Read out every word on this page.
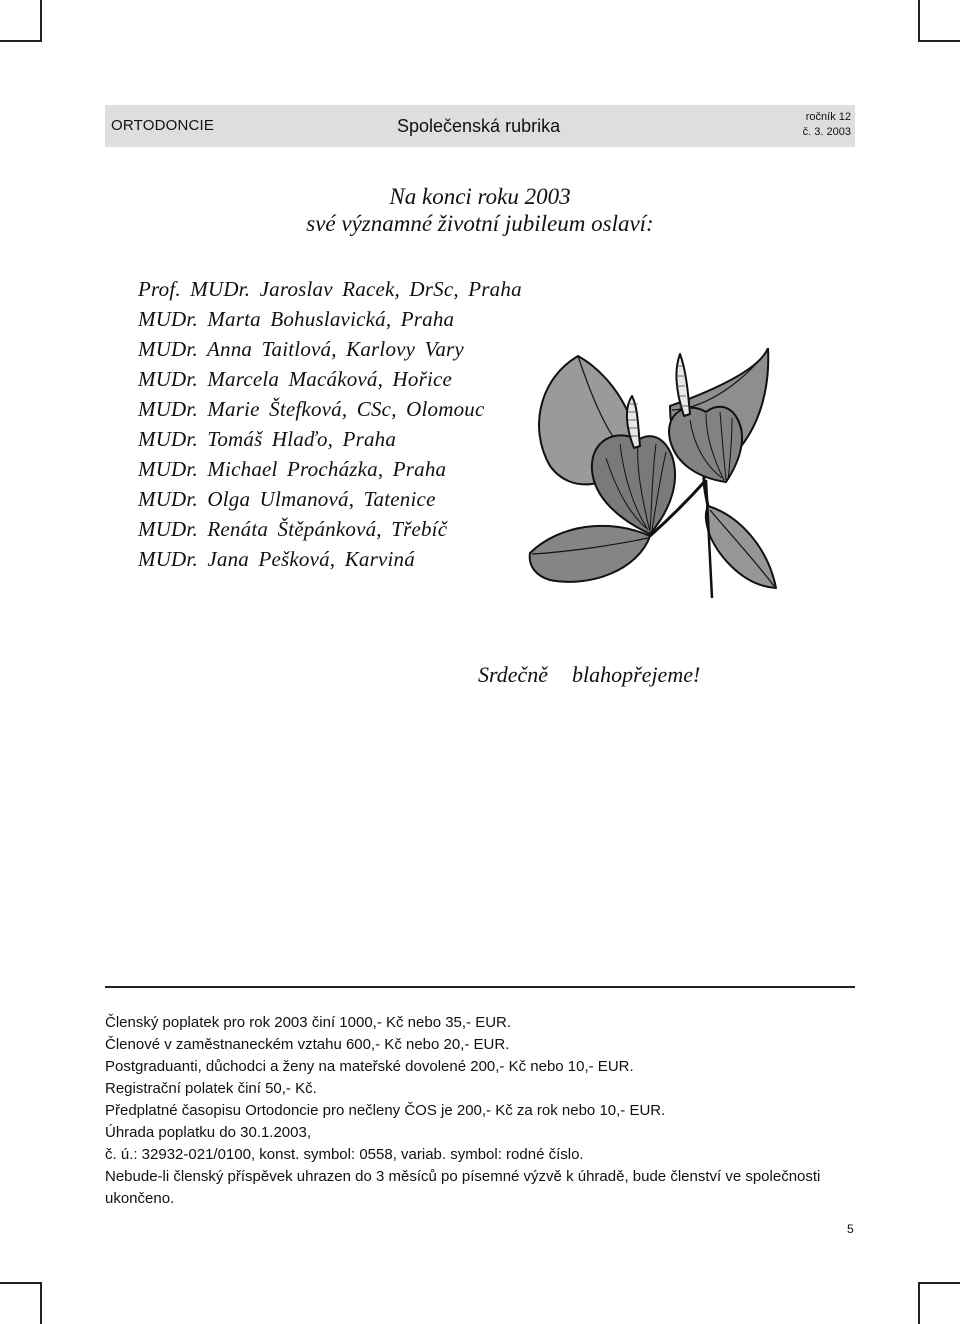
ORTODONCIE	Společenská rubrika	ročník 12
č. 3. 2003
Na konci roku 2003
své významné životní jubileum oslaví:
Prof. MUDr. Jaroslav Racek, DrSc, Praha
MUDr. Marta Bohuslavická, Praha
MUDr. Anna Taitlová, Karlovy Vary
MUDr. Marcela Macáková, Hořice
MUDr. Marie Štefková, CSc, Olomouc
MUDr. Tomáš Hlaďo, Praha
MUDr. Michael Procházka, Praha
MUDr. Olga Ulmanová, Tatenice
MUDr. Renáta Štěpánková, Třebíč
MUDr. Jana Pešková, Karviná
Srdečně blahopřejeme!
Členský poplatek pro rok 2003 činí 1000,- Kč nebo 35,- EUR.
Členové v zaměstnaneckém vztahu 600,- Kč nebo 20,- EUR.
Postgraduanti, důchodci a ženy na mateřské dovolené 200,- Kč nebo 10,- EUR.
Registrační polatek činí 50,- Kč.
Předplatné časopisu Ortodoncie pro nečleny ČOS je 200,- Kč za rok nebo 10,- EUR.
Úhrada poplatku do 30.1.2003,
č. ú.: 32932-021/0100, konst. symbol: 0558, variab. symbol: rodné číslo.
Nebude-li členský příspěvek uhrazen do 3 měsíců po písemné výzvě k úhradě, bude členství ve společnosti ukončeno.
5
